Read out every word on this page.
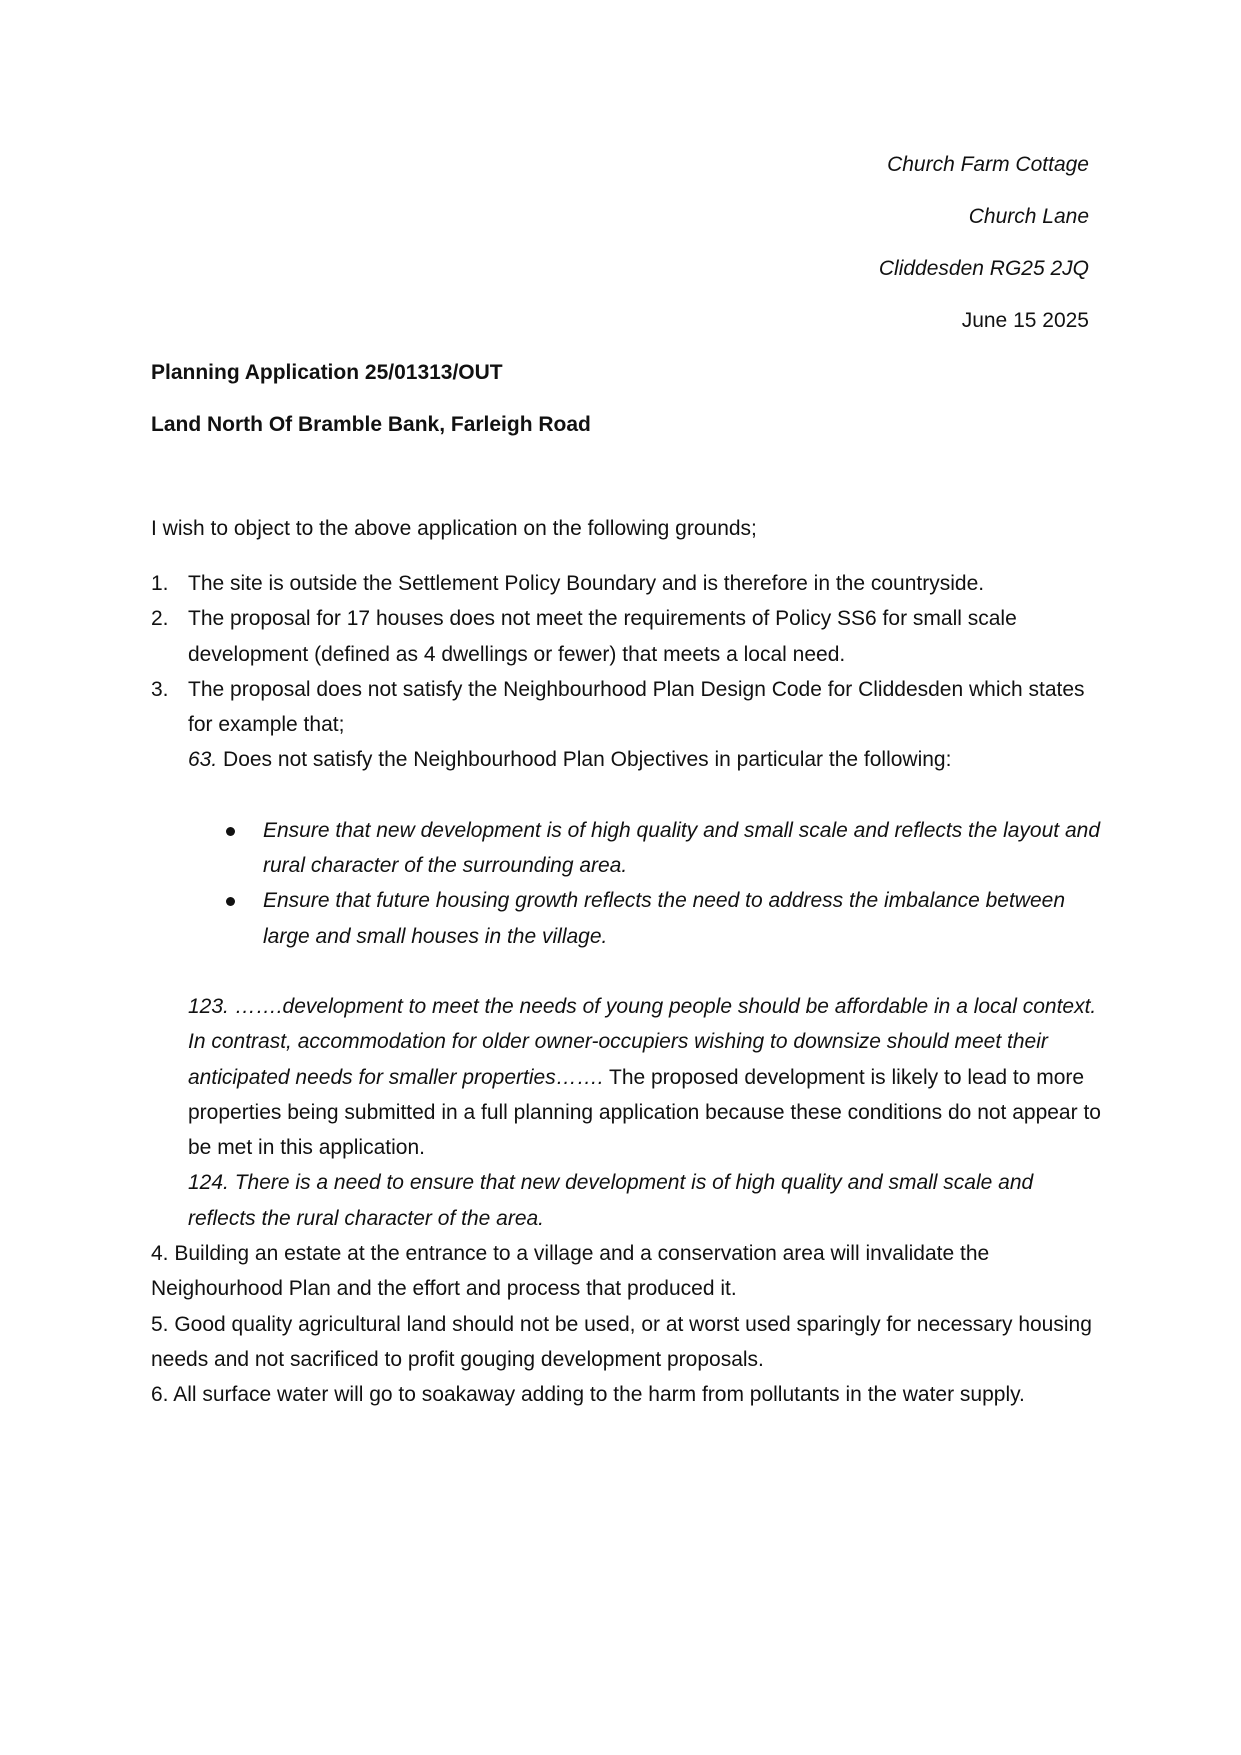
Church Farm Cottage
Church Lane
Cliddesden RG25 2JQ
June 15 2025
Planning Application 25/01313/OUT
Land North Of Bramble Bank, Farleigh Road
I wish to object to the above application on the following grounds;
1. The site is outside the Settlement Policy Boundary and is therefore in the countryside.
2. The proposal for 17 houses does not meet the requirements of Policy SS6 for small scale development (defined as 4 dwellings or fewer) that meets a local need.
3. The proposal does not satisfy the Neighbourhood Plan Design Code for Cliddesden which states for example that;
63. Does not satisfy the Neighbourhood Plan Objectives in particular the following:
Ensure that new development is of high quality and small scale and reflects the layout and rural character of the surrounding area.
Ensure that future housing growth reflects the need to address the imbalance between large and small houses in the village.
123. …….development to meet the needs of young people should be affordable in a local context. In contrast, accommodation for older owner-occupiers wishing to downsize should meet their anticipated needs for smaller properties……. The proposed development is likely to lead to more properties being submitted in a full planning application because these conditions do not appear to be met in this application.
124. There is a need to ensure that new development is of high quality and small scale and reflects the rural character of the area.
4. Building an estate at the entrance to a village and a conservation area will invalidate the Neighourhood Plan and the effort and process that produced it.
5. Good quality agricultural land should not be used, or at worst used sparingly for necessary housing needs and not sacrificed to profit gouging development proposals.
6. All surface water will go to soakaway adding to the harm from pollutants in the water supply.
